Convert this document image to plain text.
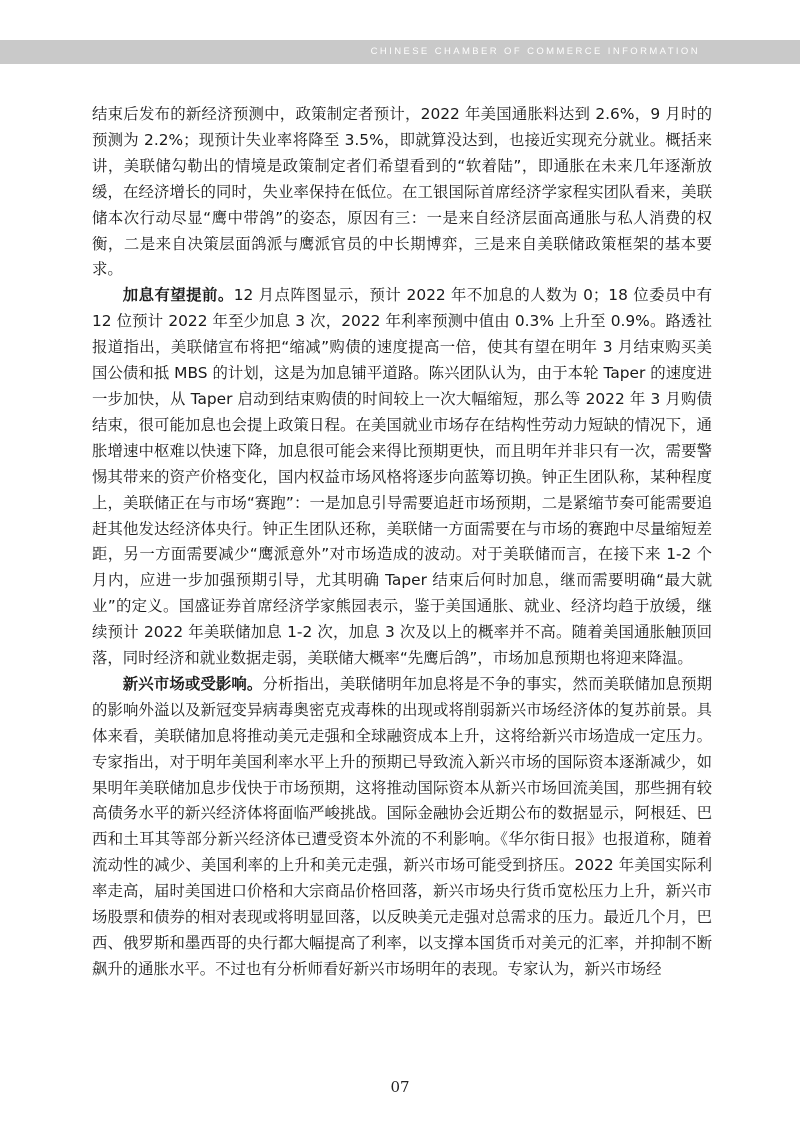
CHINESE CHAMBER OF COMMERCE INFORMATION

结束后发布的新经济预测中，政策制定者预计，2022 年美国通胀料达到 2.6%，9 月时的预测为 2.2%；现预计失业率将降至 3.5%，即就算没达到，也接近实现充分就业。概括来讲，美联储勾勒出的情境是政策制定者们希望看到的“软着陆”，即通胀在未来几年逐渐放缓，在经济增长的同时，失业率保持在低位。在工银国际首席经济学家程实团队看来，美联储本次行动尽显“鹰中带鸽”的姿态，原因有三：一是来自经济层面高通胀与私人消费的权衡，二是来自决策层面鸽派与鹰派官员的中长期博弈，三是来自美联储政策框架的基本要求。

加息有望提前。12 月点阵图显示，预计 2022 年不加息的人数为 0；18 位委员中有 12 位预计 2022 年至少加息 3 次，2022 年利率预测中值由 0.3% 上升至 0.9%。路透社报道指出，美联储宣布将把“缩减”购债的速度提高一倍，使其有望在明年 3 月结束购买美国公债和抵 MBS 的计划，这是为加息铺平道路。陈兴团队认为，由于本轮 Taper 的速度进一步加快，从 Taper 启动到结束购债的时间较上一次大幅缩短，那么等 2022 年 3 月购债结束，很可能加息也会提上政策日程。在美国就业市场存在结构性劳动力短缺的情况下，通胀增速中枢难以快速下降，加息很可能会来得比预期更快，而且明年并非只有一次，需要警惕其带来的资产价格变化，国内权益市场风格将逐步向蓝筹切换。钟正生团队称，某种程度上，美联储正在与市场“赛跑”：一是加息引导需要追赶市场预期，二是紧缩节奏可能需要追赶其他发达经济体央行。钟正生团队还称，美联储一方面需要在与市场的赛跑中尽量缩短差距，另一方面需要减少“鹰派意外”对市场造成的波动。对于美联储而言，在接下来 1-2 个月内，应进一步加强预期引导，尤其明确 Taper 结束后何时加息，继而需要明确“最大就业”的定义。国盛证券首席经济学家熊园表示，鉴于美国通胀、就业、经济均趋于放缓，继续预计 2022 年美联储加息 1-2 次，加息 3 次及以上的概率并不高。随着美国通胀触顶回落，同时经济和就业数据走弱，美联储大概率“先鹰后鸽”，市场加息预期也将迎来降温。

新兴市场或受影响。分析指出，美联储明年加息将是不争的事实，然而美联储加息预期的影响外溢以及新冠变异病毒奥密克戎毒株的出现或将削弱新兴市场经济体的复苏前景。具体来看，美联储加息将推动美元走强和全球融资成本上升，这将给新兴市场造成一定压力。专家指出，对于明年美国利率水平上升的预期已导致流入新兴市场的国际资本逐渐减少，如果明年美联储加息步伐快于市场预期，这将推动国际资本从新兴市场回流美国，那些拥有较高债务水平的新兴经济体将面临严峻挑战。国际金融协会近期公布的数据显示，阿根廷、巴西和土耳其等部分新兴经济体已遭受资本外流的不利影响。《华尔街日报》也报道称，随着流动性的减少、美国利率的上升和美元走强，新兴市场可能受到挤压。2022 年美国实际利率走高，届时美国进口价格和大宗商品价格回落，新兴市场央行货币宽松压力上升，新兴市场股票和债券的相对表现或将明显回落，以反映美元走强对总需求的压力。最近几个月，巴西、俄罗斯和墨西哥的央行都大幅提高了利率，以支撑本国货币对美元的汇率，并抑制不断飙升的通胀水平。不过也有分析师看好新兴市场明年的表现。专家认为，新兴市场经

07
